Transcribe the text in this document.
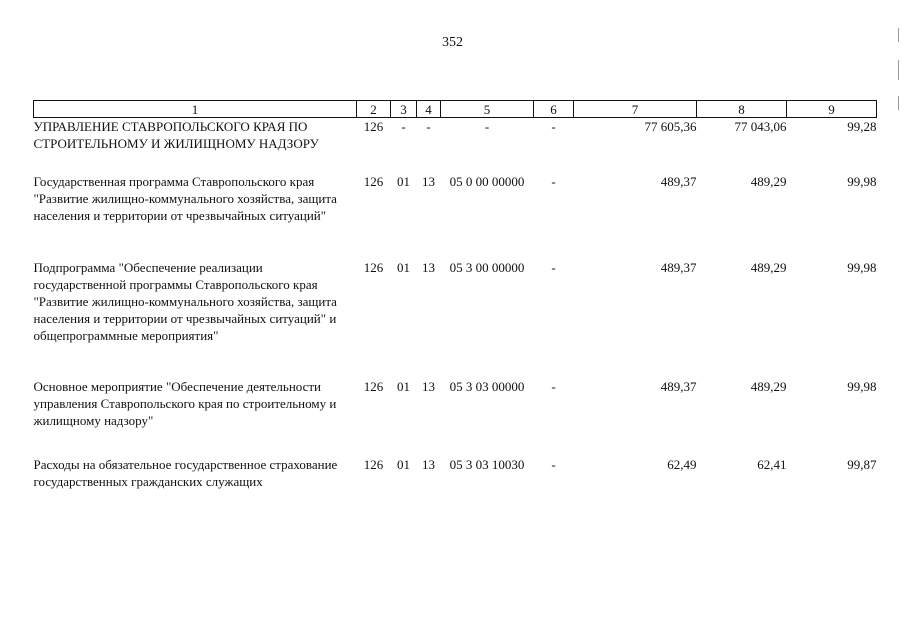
352
1	2	3	4	5	6	7	8	9
УПРАВЛЕНИЕ СТАВРОПОЛЬСКОГО КРАЯ ПО СТРОИТЕЛЬНОМУ И ЖИЛИЩНОМУ НАДЗОРУ	126	-	-	-	-	77 605,36	77 043,06	99,28
Государственная программа Ставропольского края "Развитие жилищно-коммунального хозяйства, защита населения и территории от чрезвычайных ситуаций"	126	01	13	05 0 00 00000	-	489,37	489,29	99,98
Подпрограмма "Обеспечение реализации государственной программы Ставропольского края "Развитие жилищно-коммунального хозяйства, защита населения и территории от чрезвычайных ситуаций" и общепрограммные мероприятия"	126	01	13	05 3 00 00000	-	489,37	489,29	99,98
Основное мероприятие "Обеспечение деятельности управления Ставропольского края по строительному и жилищному надзору"	126	01	13	05 3 03 00000	-	489,37	489,29	99,98
Расходы на обязательное государственное страхование государственных гражданских служащих	126	01	13	05 3 03 10030	-	62,49	62,41	99,87
